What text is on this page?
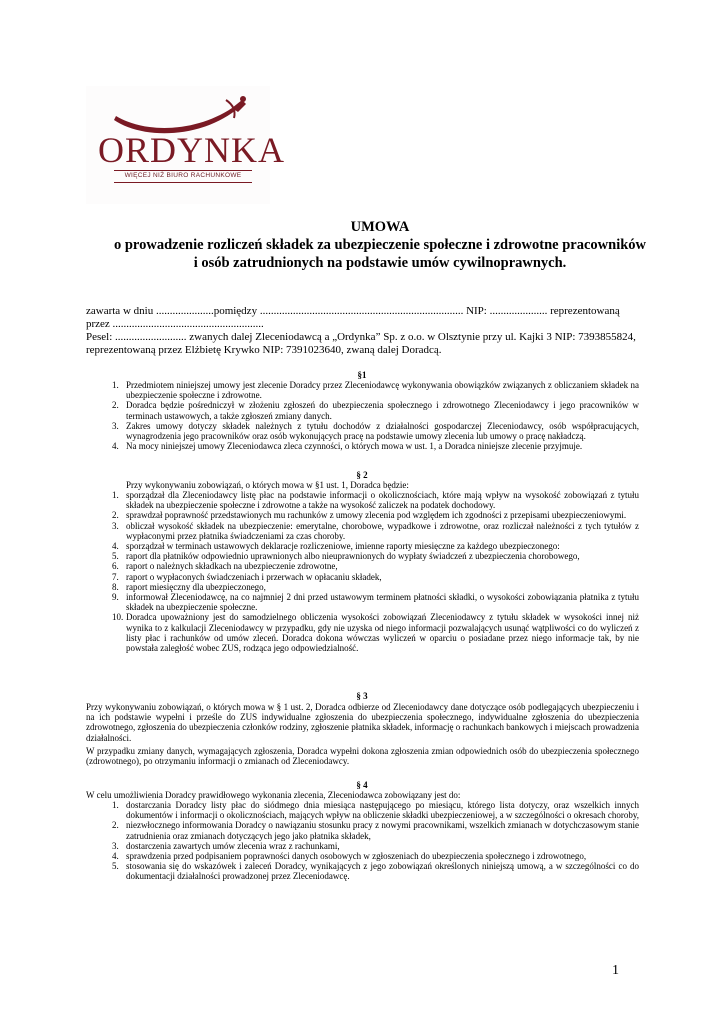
ORDYNKA
WIĘCEJ NIŻ BIURO RACHUNKOWE
UMOWA
o prowadzenie rozliczeń składek za ubezpieczenie społeczne i zdrowotne pracowników
i osób zatrudnionych na podstawie umów cywilnoprawnych.
zawarta w dniu .....................pomiędzy .......................................................................... NIP: ..................... reprezentowaną
przez .......................................................
Pesel: .......................... zwanych dalej Zleceniodawcą a „Ordynka” Sp. z o.o. w Olsztynie przy ul. Kajki 3 NIP: 7393855824,
reprezentowaną przez Elżbietę Krywko NIP: 7391023640, zwaną dalej Doradcą.
§1
1. Przedmiotem niniejszej umowy jest zlecenie Doradcy przez Zleceniodawcę wykonywania obowiązków związanych z obliczaniem składek na ubezpieczenie społeczne i zdrowotne.
2. Doradca będzie pośredniczył w złożeniu zgłoszeń do ubezpieczenia społecznego i zdrowotnego Zleceniodawcy i jego pracowników w terminach ustawowych, a także zgłoszeń zmiany danych.
3. Zakres umowy dotyczy składek należnych z tytułu dochodów z działalności gospodarczej Zleceniodawcy, osób współpracujących, wynagrodzenia jego pracowników oraz osób wykonujących pracę na podstawie umowy zlecenia lub umowy o pracę nakładczą.
4. Na mocy niniejszej umowy Zleceniodawca zleca czynności, o których mowa w ust. 1, a Doradca niniejsze zlecenie przyjmuje.
§ 2
Przy wykonywaniu zobowiązań, o których mowa w §1 ust. 1, Doradca będzie:
1. sporządzał dla Zleceniodawcy listę płac na podstawie informacji o okolicznościach, które mają wpływ na wysokość zobowiązań z tytułu składek na ubezpieczenie społeczne i zdrowotne a także na wysokość zaliczek na podatek dochodowy.
2. sprawdzał poprawność przedstawionych mu rachunków z umowy zlecenia pod względem ich zgodności z przepisami ubezpieczeniowymi.
3. obliczał wysokość składek na ubezpieczenie: emerytalne, chorobowe, wypadkowe i zdrowotne, oraz rozliczał należności z tych tytułów z wypłaconymi przez płatnika świadczeniami za czas choroby.
4. sporządzał w terminach ustawowych deklaracje rozliczeniowe, imienne raporty miesięczne za każdego ubezpieczonego:
5. raport dla płatników odpowiednio uprawnionych albo nieuprawnionych do wypłaty świadczeń z ubezpieczenia chorobowego,
6. raport o należnych składkach na ubezpieczenie zdrowotne,
7. raport o wypłaconych świadczeniach i przerwach w opłacaniu składek,
8. raport miesięczny dla ubezpieczonego,
9. informował Zleceniodawcę, na co najmniej 2 dni przed ustawowym terminem płatności składki, o wysokości zobowiązania płatnika z tytułu składek na ubezpieczenie społeczne.
10. Doradca upoważniony jest do samodzielnego obliczenia wysokości zobowiązań Zleceniodawcy z tytułu składek w wysokości innej niż wynika to z kalkulacji Zleceniodawcy w przypadku, gdy nie uzyska od niego informacji pozwalających usunąć wątpliwości co do wyliczeń z listy płac i rachunków od umów zleceń. Doradca dokona wówczas wyliczeń w oparciu o posiadane przez niego informacje tak, by nie powstała zaległość wobec ZUS, rodząca jego odpowiedzialność.
§ 3
Przy wykonywaniu zobowiązań, o których mowa w § 1 ust. 2, Doradca odbierze od Zleceniodawcy dane dotyczące osób podlegających ubezpieczeniu i na ich podstawie wypełni i prześle do ZUS indywidualne zgłoszenia do ubezpieczenia społecznego, indywidualne zgłoszenia do ubezpieczenia zdrowotnego, zgłoszenia do ubezpieczenia członków rodziny, zgłoszenie płatnika składek, informację o rachunkach bankowych i miejscach prowadzenia działalności.
W przypadku zmiany danych, wymagających zgłoszenia, Doradca wypełni dokona zgłoszenia zmian odpowiednich osób do ubezpieczenia społecznego (zdrowotnego), po otrzymaniu informacji o zmianach od Zleceniodawcy.
§ 4
W celu umożliwienia Doradcy prawidłowego wykonania zlecenia, Zleceniodawca zobowiązany jest do:
1. dostarczania Doradcy listy płac do siódmego dnia miesiąca następującego po miesiącu, którego lista dotyczy, oraz wszelkich innych dokumentów i informacji o okolicznościach, mających wpływ na obliczenie składki ubezpieczeniowej, a w szczególności o okresach choroby,
2. niezwłocznego informowania Doradcy o nawiązaniu stosunku pracy z nowymi pracownikami, wszelkich zmianach w dotychczasowym stanie zatrudnienia oraz zmianach dotyczących jego jako płatnika składek,
3. dostarczenia zawartych umów zlecenia wraz z rachunkami,
4. sprawdzenia przed podpisaniem poprawności danych osobowych w zgłoszeniach do ubezpieczenia społecznego i zdrowotnego,
5. stosowania się do wskazówek i zaleceń Doradcy, wynikających z jego zobowiązań określonych niniejszą umową, a w szczególności co do dokumentacji działalności prowadzonej przez Zleceniodawcę.
1
